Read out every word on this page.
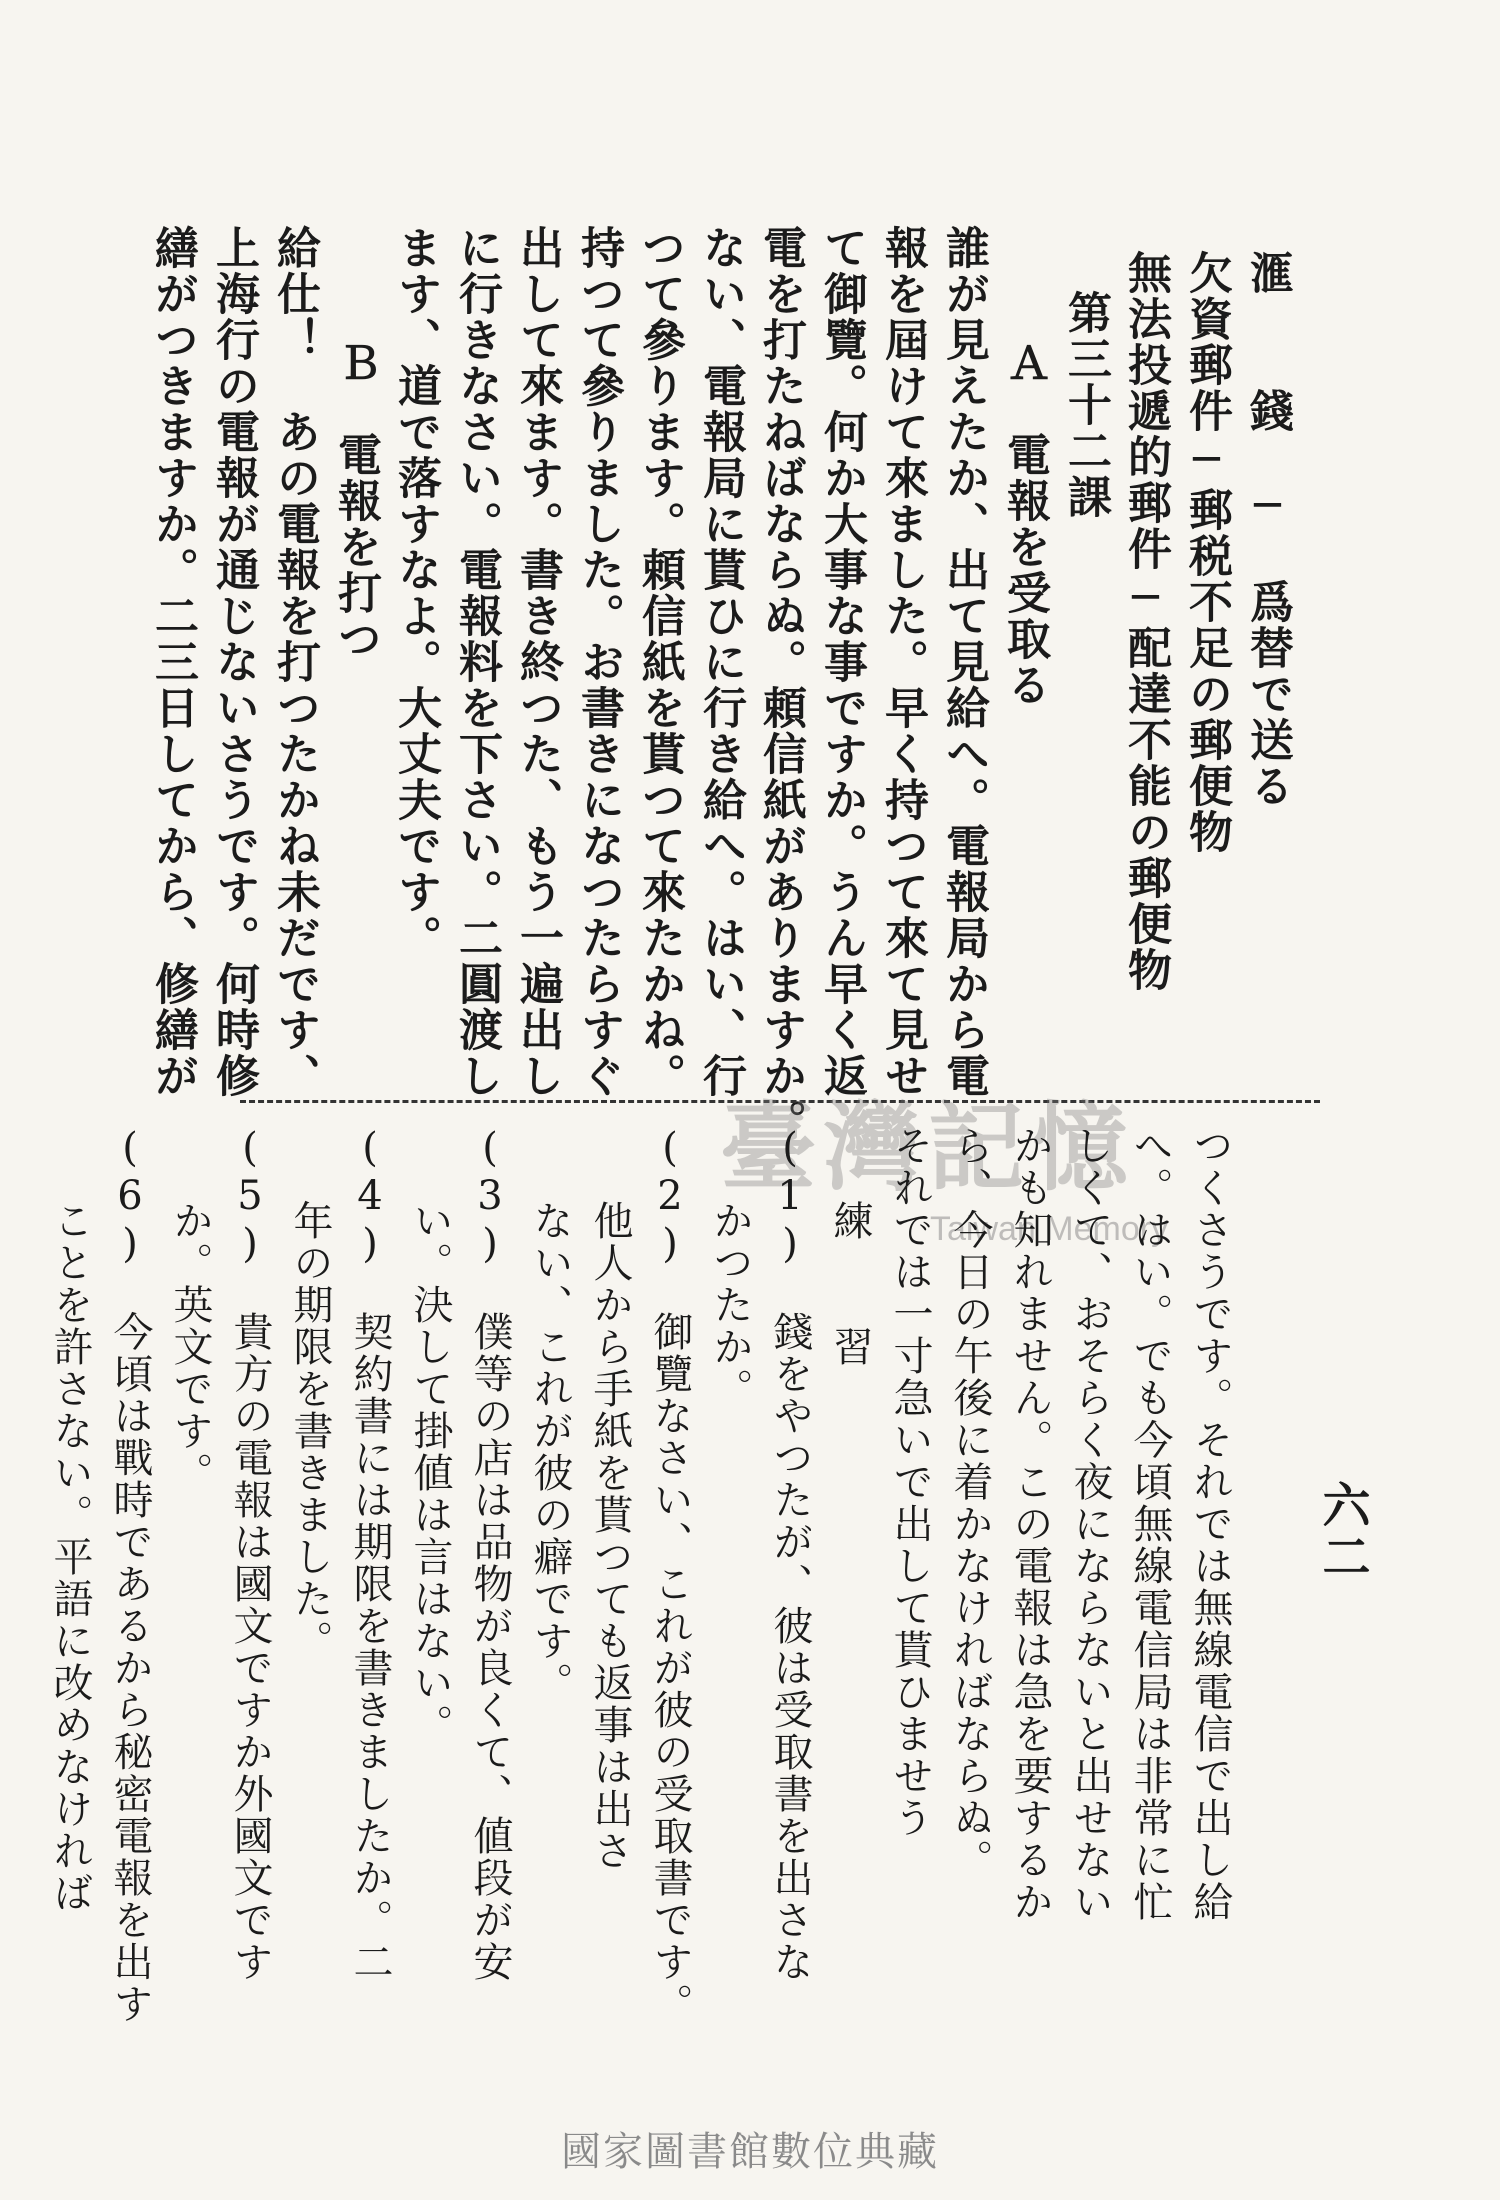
滙　　錢　─　爲替で送る
欠資郵件─郵税不足の郵便物
無法投遞的郵件─配達不能の郵便物
第三十二課
Ａ　電報を受取る
誰が見えたか、出て見給へ。電報局から電
報を屆けて來ました。早く持つて來て見せ
て御覽。何か大事な事ですか。うん早く返
電を打たねばならぬ。頼信紙がありますか。
ない、電報局に貰ひに行き給へ。はい、行
つて參ります。頼信紙を貰つて來たかね。
持つて參りました。お書きになつたらすぐ
出して來ます。書き終つた、もう一遍出し
に行きなさい。電報料を下さい。二圓渡し
ます、道で落すなよ。大丈夫です。
Ｂ　電報を打つ
給仕！　あの電報を打つたかね未だです、
上海行の電報が通じないさうです。何時修
繕がつきますか。二三日してから、修繕が
臺灣記憶
Taiwan Memory つくさうです。それでは無線電信で出し給
へ。はい。でも今頃無線電信局は非常に忙
しくて、おそらく夜にならないと出せない
かも知れません。この電報は急を要するか
ら、今日の午後に着かなければならぬ。
それでは一寸急いで出して貰ひませう
練　　習
(1)　錢をやつたが、彼は受取書を出さな
かつたか。
(2)　御覽なさい、これが彼の受取書です。
他人から手紙を貰つても返事は出さ
ない、これが彼の癖です。
(3)　僕等の店は品物が良くて、値段が安
い。決して掛値は言はない。
(4)　契約書には期限を書きましたか。二
年の期限を書きました。
(5)　貴方の電報は國文ですか外國文です
か。英文です。
(6)　今頃は戰時であるから秘密電報を出す
ことを許さない。平語に改めなければ	六二
國家圖書館數位典藏
